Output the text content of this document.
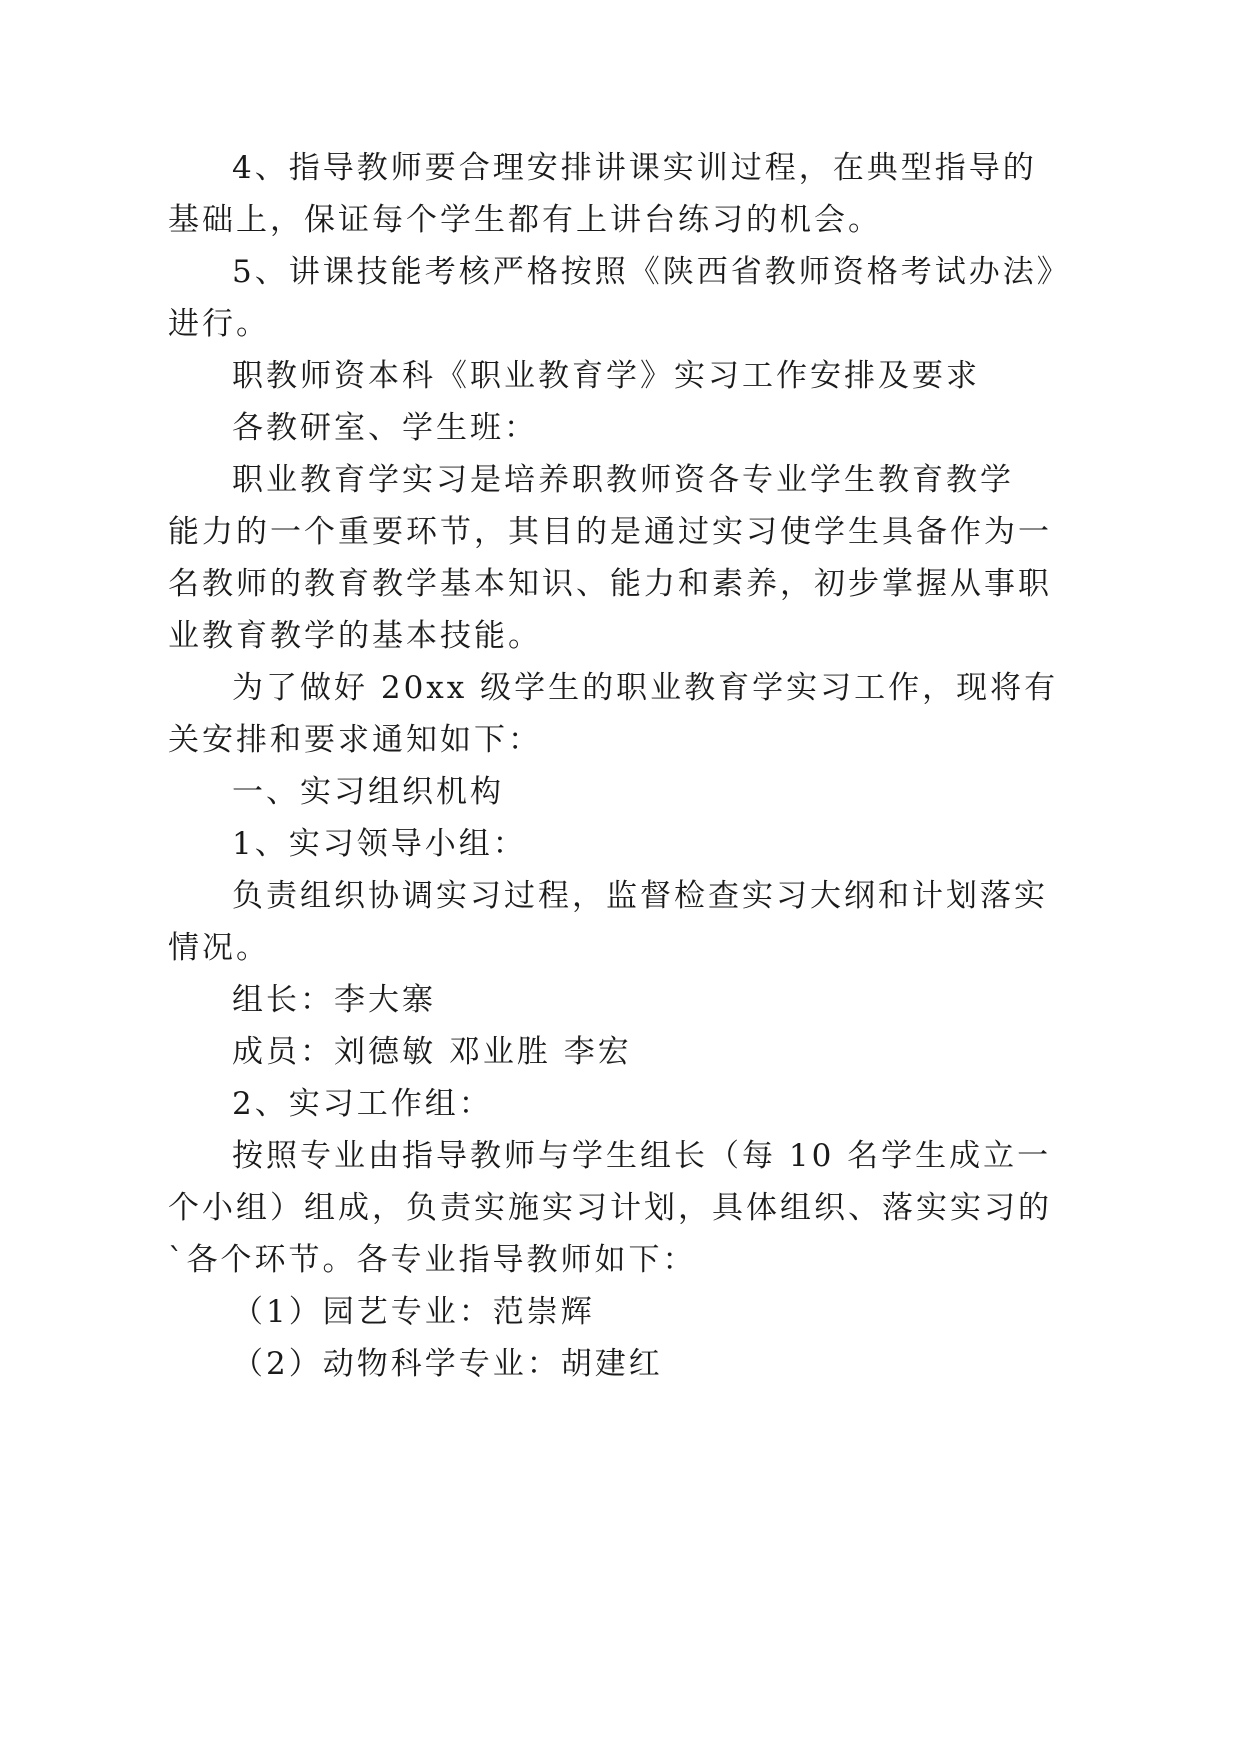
4、指导教师要合理安排讲课实训过程，在典型指导的
基础上，保证每个学生都有上讲台练习的机会。
5、讲课技能考核严格按照《陕西省教师资格考试办法》
进行。
职教师资本科《职业教育学》实习工作安排及要求
各教研室、学生班：
职业教育学实习是培养职教师资各专业学生教育教学
能力的一个重要环节，其目的是通过实习使学生具备作为一
名教师的教育教学基本知识、能力和素养，初步掌握从事职
业教育教学的基本技能。
为了做好 20xx 级学生的职业教育学实习工作，现将有
关安排和要求通知如下：
一、实习组织机构
1、实习领导小组：
负责组织协调实习过程，监督检查实习大纲和计划落实
情况。
组长：李大寨
成员：刘德敏 邓业胜 李宏
2、实习工作组：
按照专业由指导教师与学生组长（每 10 名学生成立一
个小组）组成，负责实施实习计划，具体组织、落实实习的
`各个环节。各专业指导教师如下：
（1）园艺专业：范崇辉
（2）动物科学专业：胡建红
